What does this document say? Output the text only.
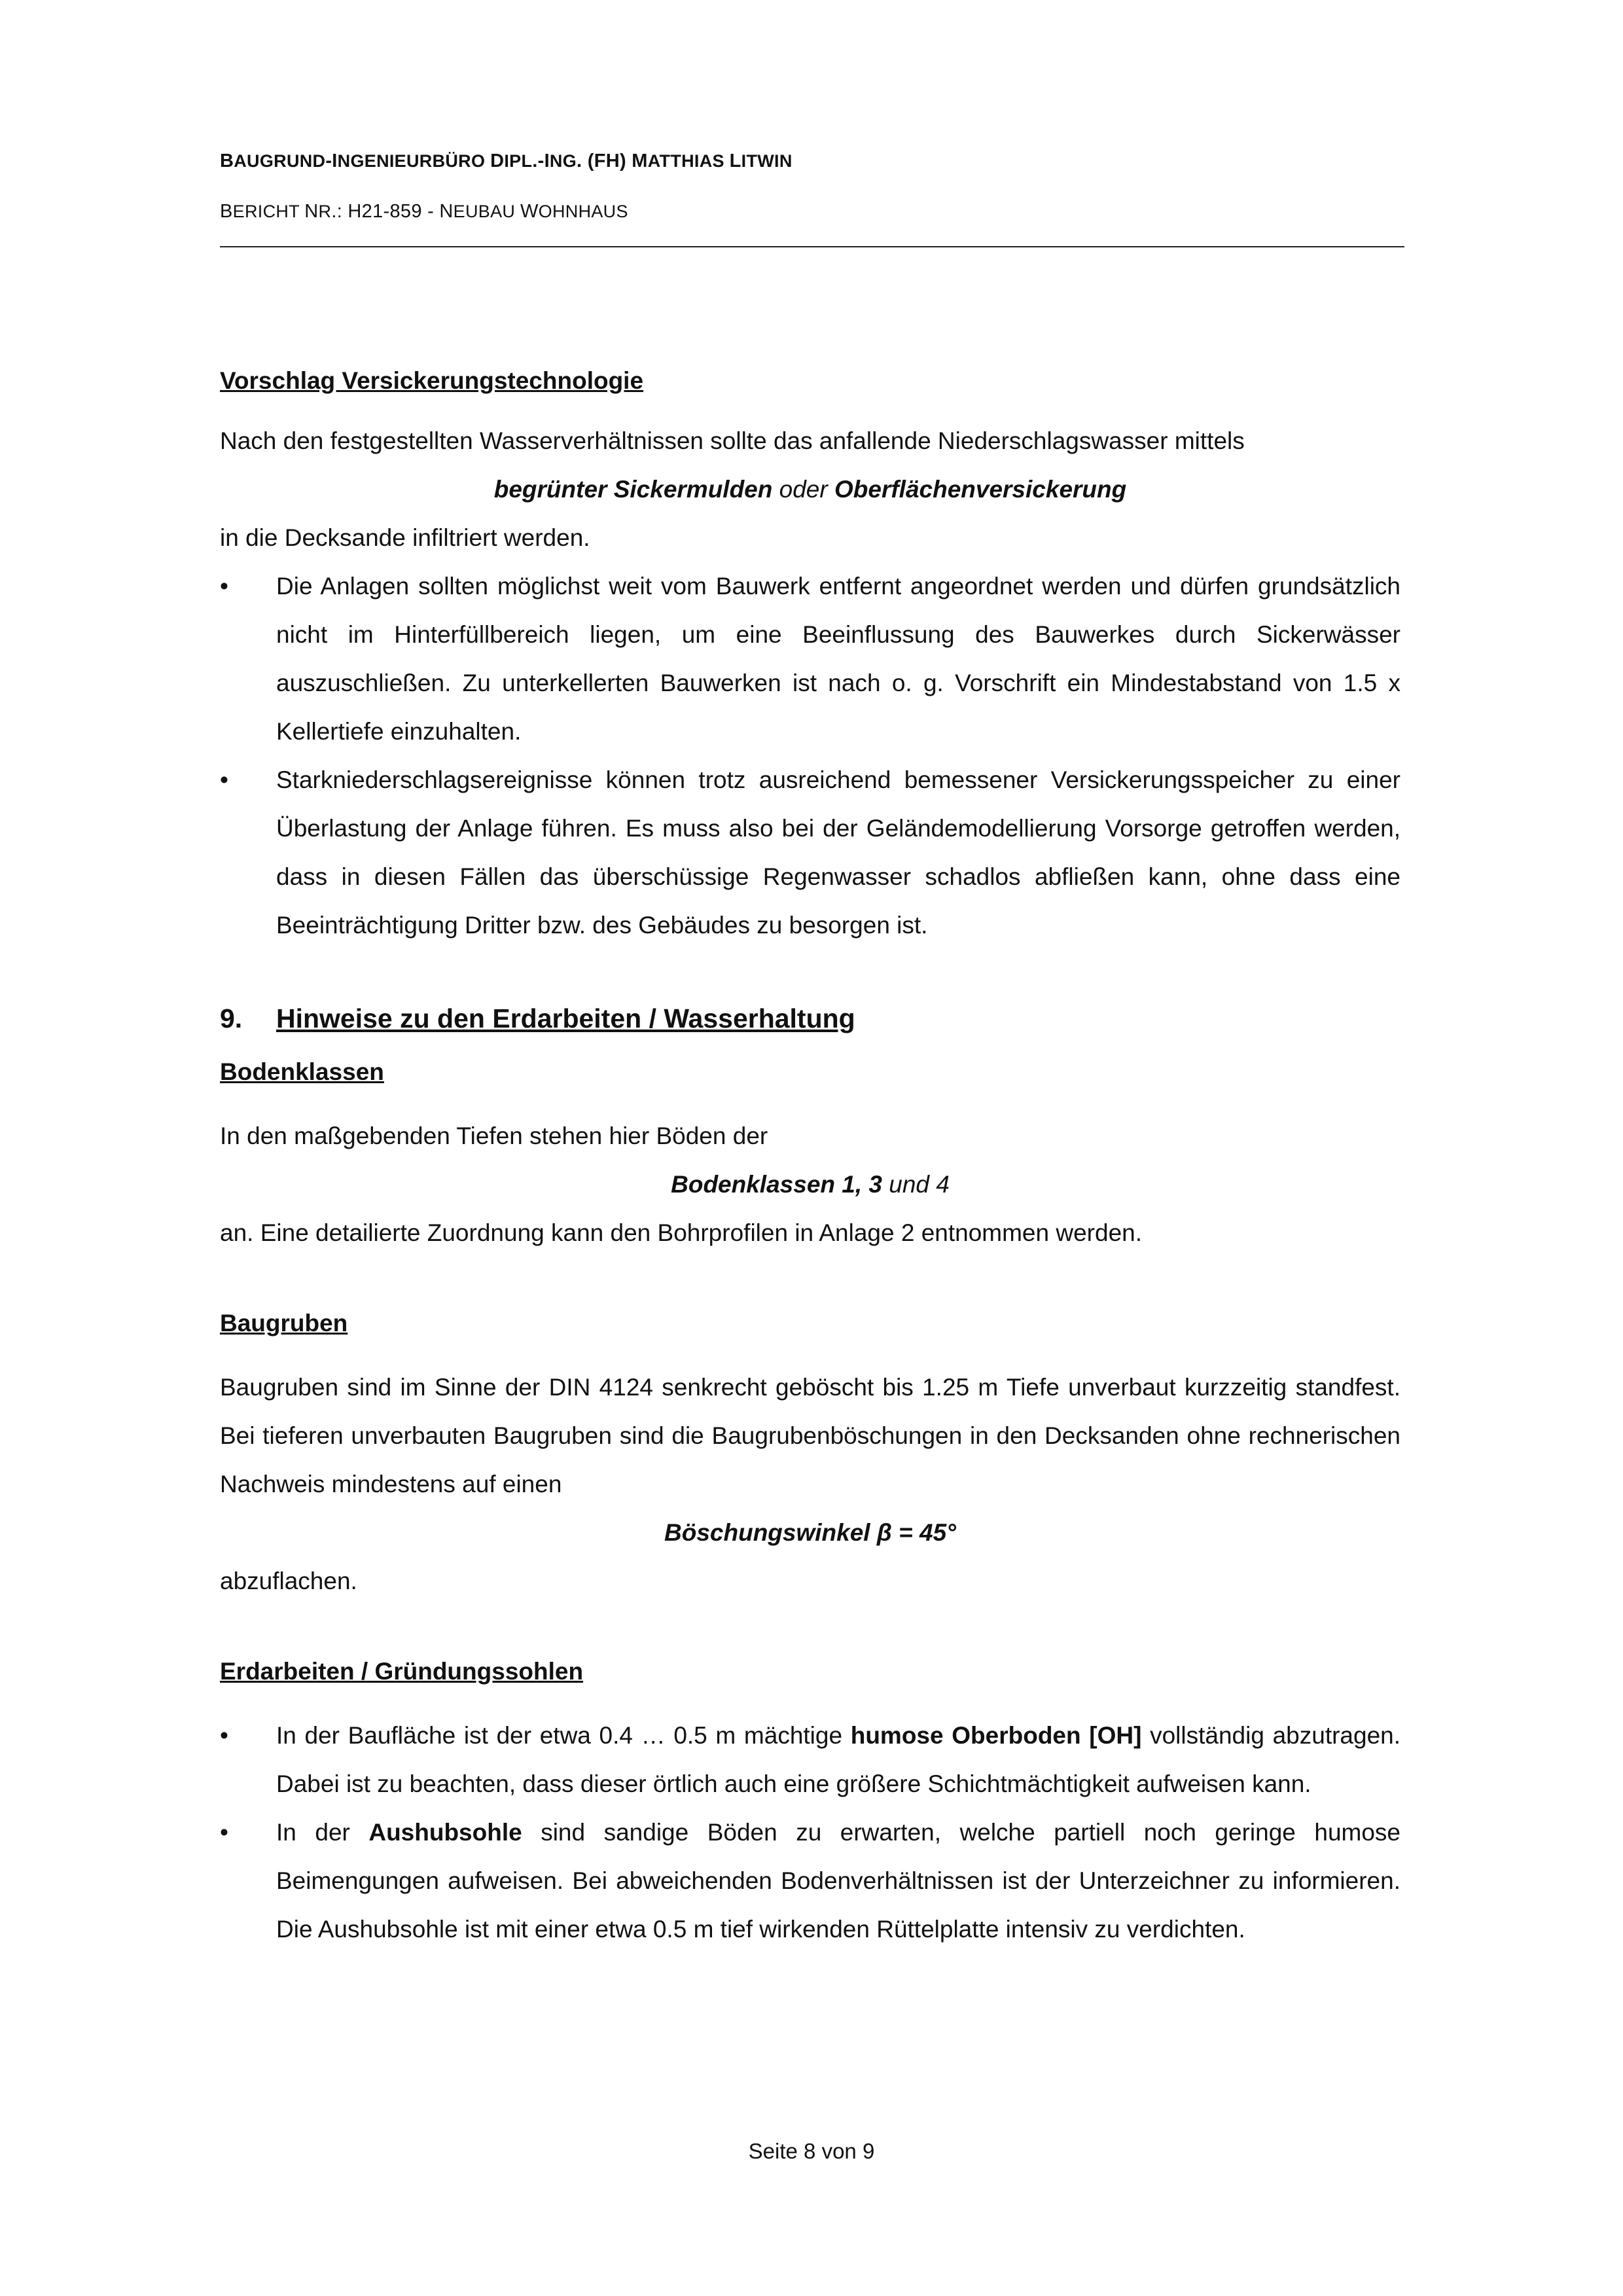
BAUGRUND-INGENIEURBÜRO DIPL.-ING. (FH) MATTHIAS LITWIN
BERICHT NR.: H21-859 - NEUBAU WOHNHAUS

Vorschlag Versickerungstechnologie

Nach den festgestellten Wasserverhältnissen sollte das anfallende Niederschlagswasser mittels

begrünter Sickermulden oder Oberflächenversickerung

in die Decksande infiltriert werden.

• Die Anlagen sollten möglichst weit vom Bauwerk entfernt angeordnet werden und dürfen grundsätzlich nicht im Hinterfüllbereich liegen, um eine Beeinflussung des Bauwerkes durch Sickerwässer auszuschließen. Zu unterkellerten Bauwerken ist nach o. g. Vorschrift ein Mindestabstand von 1.5 x Kellertiefe einzuhalten.
• Starkniederschlagsereignisse können trotz ausreichend bemessener Versickerungsspeicher zu einer Überlastung der Anlage führen. Es muss also bei der Geländemodellierung Vorsorge getroffen werden, dass in diesen Fällen das überschüssige Regenwasser schadlos abfließen kann, ohne dass eine Beeinträchtigung Dritter bzw. des Gebäudes zu besorgen ist.

9. Hinweise zu den Erdarbeiten / Wasserhaltung

Bodenklassen

In den maßgebenden Tiefen stehen hier Böden der

Bodenklassen 1, 3 und 4

an. Eine detailierte Zuordnung kann den Bohrprofilen in Anlage 2 entnommen werden.

Baugruben

Baugruben sind im Sinne der DIN 4124 senkrecht geböscht bis 1.25 m Tiefe unverbaut kurzzeitig standfest. Bei tieferen unverbauten Baugruben sind die Baugrubenböschungen in den Decksanden ohne rechnerischen Nachweis mindestens auf einen

Böschungswinkel β = 45°

abzuflachen.

Erdarbeiten / Gründungssohlen

• In der Baufläche ist der etwa 0.4 … 0.5 m mächtige humose Oberboden [OH] vollständig abzutragen. Dabei ist zu beachten, dass dieser örtlich auch eine größere Schichtmächtigkeit aufweisen kann.
• In der Aushubsohle sind sandige Böden zu erwarten, welche partiell noch geringe humose Beimengungen aufweisen. Bei abweichenden Bodenverhältnissen ist der Unterzeichner zu informieren. Die Aushubsohle ist mit einer etwa 0.5 m tief wirkenden Rüttelplatte intensiv zu verdichten.
Seite 8 von 9
